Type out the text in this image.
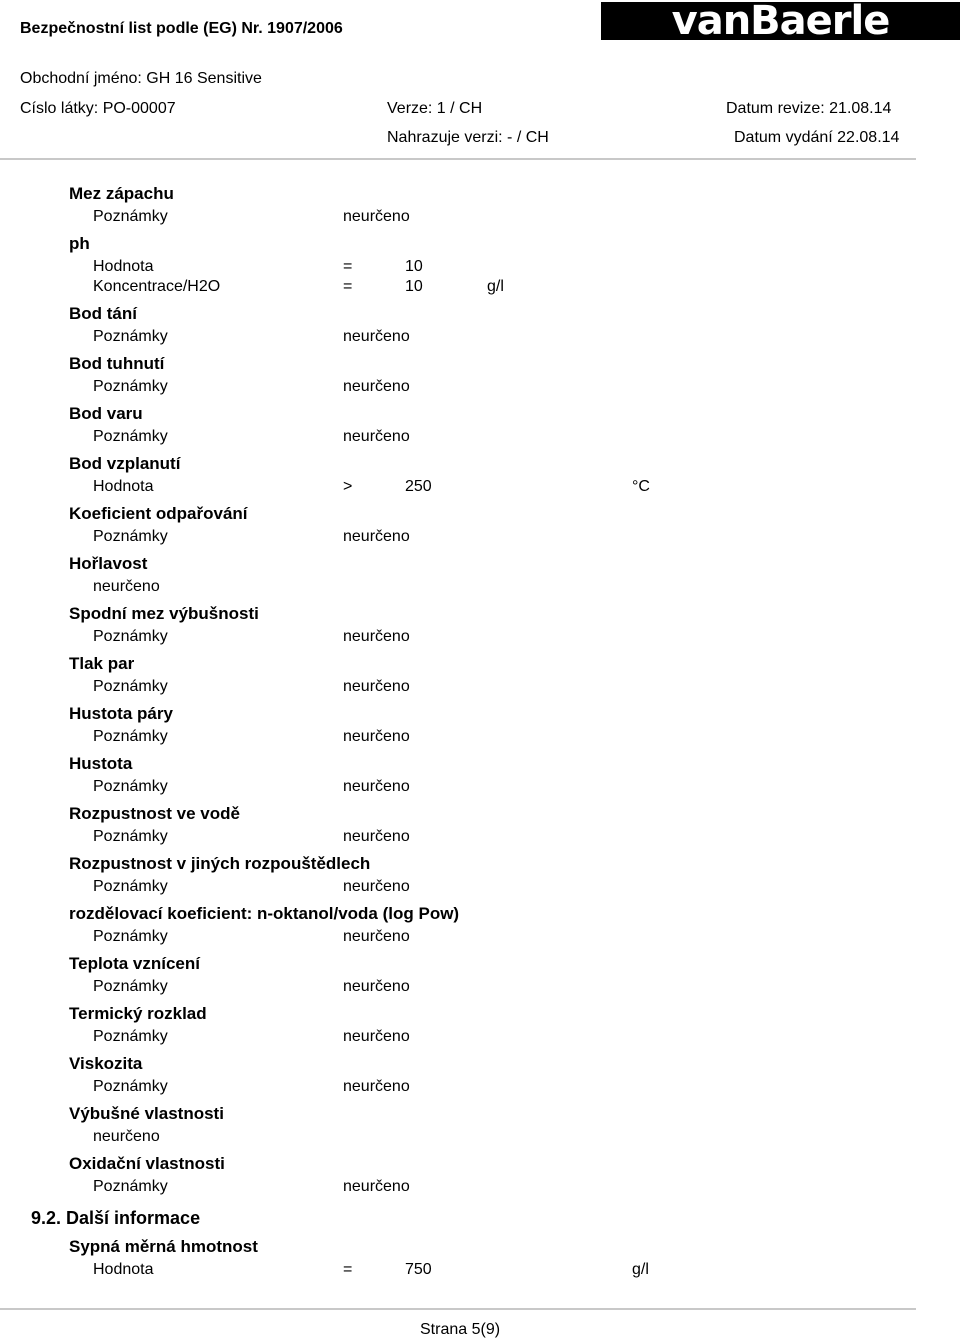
Bezpečnostní list podle (EG) Nr. 1907/2006	vanBaerle
Obchodní jméno: GH 16 Sensitive
Císlo látky: PO-00007	Verze: 1 / CH	Datum revize: 21.08.14
Nahrazuje verzi: - / CH	Datum vydání 22.08.14
Mez zápachu
Poznámky	neurčeno
ph
Hodnota	=	10
Koncentrace/H2O	=	10	g/l
Bod tání
Poznámky	neurčeno
Bod tuhnutí
Poznámky	neurčeno
Bod varu
Poznámky	neurčeno
Bod vzplanutí
Hodnota	>	250	°C
Koeficient odpařování
Poznámky	neurčeno
Hořlavost
neurčeno
Spodní mez výbušnosti
Poznámky	neurčeno
Tlak par
Poznámky	neurčeno
Hustota páry
Poznámky	neurčeno
Hustota
Poznámky	neurčeno
Rozpustnost ve vodě
Poznámky	neurčeno
Rozpustnost v jiných rozpouštědlech
Poznámky	neurčeno
rozdělovací koeficient: n-oktanol/voda (log Pow)
Poznámky	neurčeno
Teplota vznícení
Poznámky	neurčeno
Termický rozklad
Poznámky	neurčeno
Viskozita
Poznámky	neurčeno
Výbušné vlastnosti
neurčeno
Oxidační vlastnosti
Poznámky	neurčeno
9.2. Další informace
Sypná měrná hmotnost
Hodnota	=	750	g/l
Strana 5(9)
